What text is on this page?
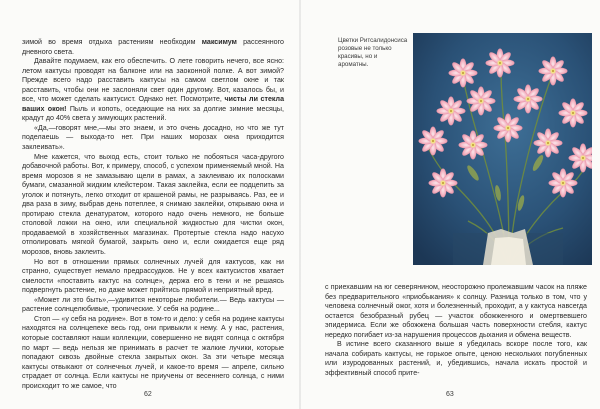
зимой во время отдыха растениям необходим максимум рассеянного дневного света.

Давайте подумаем, как его обеспечить. О лете говорить нечего, все ясно: летом кактусы проводят на балконе или на заоконной полке. А вот зимой? Прежде всего надо расставить кактусы на самом светлом окне и так расставить, чтобы они не заслоняли свет один другому. Вот, казалось бы, и все, что может сделать кактусист. Однако нет. Посмотрите, чисты ли стекла ваших окон! Пыль и копоть, оседающие на них за долгие зимние месяцы, крадут до 40% света у зимующих растений.

«Да,—говорят мне,—мы это знаем, и это очень досадно, но что же тут поделаешь — выхода-то нет. При наших морозах окна приходится заклеивать».

Мне кажется, что выход есть, стоит только не побояться часа-другого добавочной работы. Вот, к примеру, способ, с успехом применяемый мной. На время морозов я не замазываю щели в рамах, а заклеиваю их полосками бумаги, смазанной жидким клейстером. Такая заклейка, если ее подцепить за уголок и потянуть, легко отходит от крашеной рамы, не разрываясь. Раз, ее и два раза в зиму, выбрав день потеплее, я снимаю заклейки, открываю окна и протираю стекла денатуратом, которого надо очень немного, не больше столовой ложки на окно, или специальной жидкостью для чистки окон, продаваемой в хозяйственных магазинах. Протертые стекла надо насухо отполировать мягкой бумагой, закрыть окно и, если ожидается еще ряд морозов, вновь заклеить.

Но вот в отношении прямых солнечных лучей для кактусов, как ни странно, существует немало предрассудков. Не у всех кактусистов хватает смелости «поставить кактус на солнце», держа его в тени и не решаясь подвергнуть растение, но даже может прийтись прямой и неприятный вред.

«Может ли это быть»,—удивится некоторые любители.— Ведь кактусы — растение солнцелюбивые, тропические. У себя на родине...

Стоп — «у себя на родине». Вот в том-то и дело: у себя на родине кактусы находятся на солнцепеке весь год, они привыкли к нему. А у нас, растения, которые составляют наши коллекции, совершенно не видят солнца с октября по март — ведь нельзя же принимать в расчет те жалкие лучики, которые попадают сквозь двойные стекла закрытых окон. За эти четыре месяца кактусы отвыкают от солнечных лучей, и какое-то время — апреле, сильно страдает от солнца. Если кактусы не приучены от весеннего солнца, с ними происходит то же самое, что

62
Цветки Ритсалидонсиса розовые не только красивы, но и ароматны.

с приехавшим на юг северянином, неосторожно пролежавшим часок на пляже без предварительного «приобыкания» к солнцу. Разница только в том, что у человека солнечный ожог, хотя и болезненный, проходит, а у кактуса навсегда остается безобразный рубец — участок обожженного и омертвевшего эпидермиса. Если же обожжена большая часть поверхности стебля, кактус нередко погибает из-за нарушения процессов дыхания и обмена веществ.

В истине всего сказанного выше я убедилась вскоре после того, как начала собирать кактусы, не горькое опыте, ценою нескольких погубленных или изуродованных растений, и, убедившись, начала искать простой и эффективный способ прите-

63
